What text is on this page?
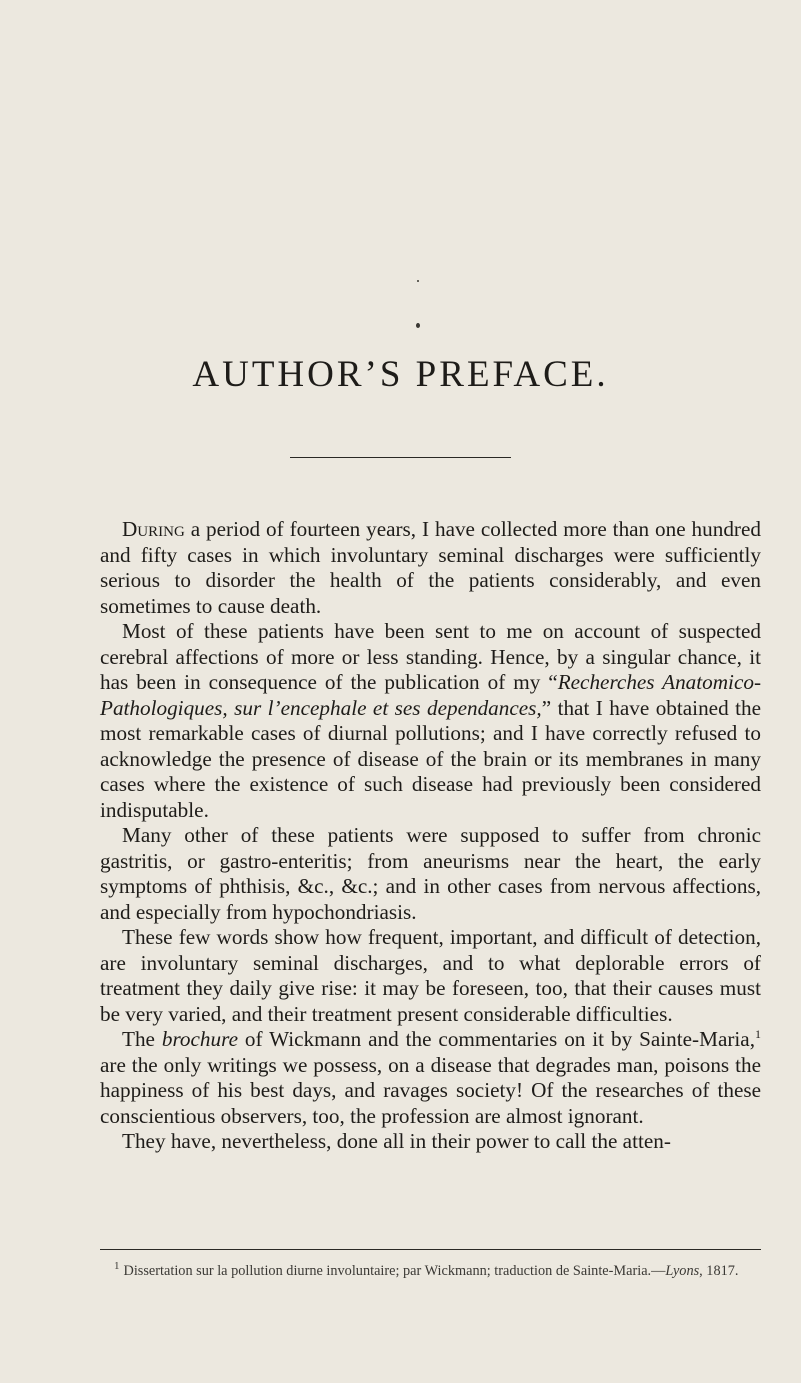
AUTHOR’S PREFACE.

During a period of fourteen years, I have collected more than one hundred and fifty cases in which involuntary seminal discharges were sufficiently serious to disorder the health of the patients considerably, and even sometimes to cause death.

Most of these patients have been sent to me on account of suspected cerebral affections of more or less standing. Hence, by a singular chance, it has been in consequence of the publication of my “Recherches Anatomico-Pathologiques, sur l’encephale et ses dependances,” that I have obtained the most remarkable cases of diurnal pollutions; and I have correctly refused to acknowledge the presence of disease of the brain or its membranes in many cases where the existence of such disease had previously been considered indisputable.

Many other of these patients were supposed to suffer from chronic gastritis, or gastro-enteritis; from aneurisms near the heart, the early symptoms of phthisis, &c., &c.; and in other cases from nervous affections, and especially from hypochondriasis.

These few words show how frequent, important, and difficult of detection, are involuntary seminal discharges, and to what deplorable errors of treatment they daily give rise: it may be foreseen, too, that their causes must be very varied, and their treatment present considerable difficulties.

The brochure of Wickmann and the commentaries on it by Sainte-Maria,$^1$ are the only writings we possess, on a disease that degrades man, poisons the happiness of his best days, and ravages society! Of the researches of these conscientious observers, too, the profession are almost ignorant.

They have, nevertheless, done all in their power to call the atten-

$^1$ Dissertation sur la pollution diurne involuntaire; par Wickmann; traduction de Sainte-Maria.—Lyons, 1817.
